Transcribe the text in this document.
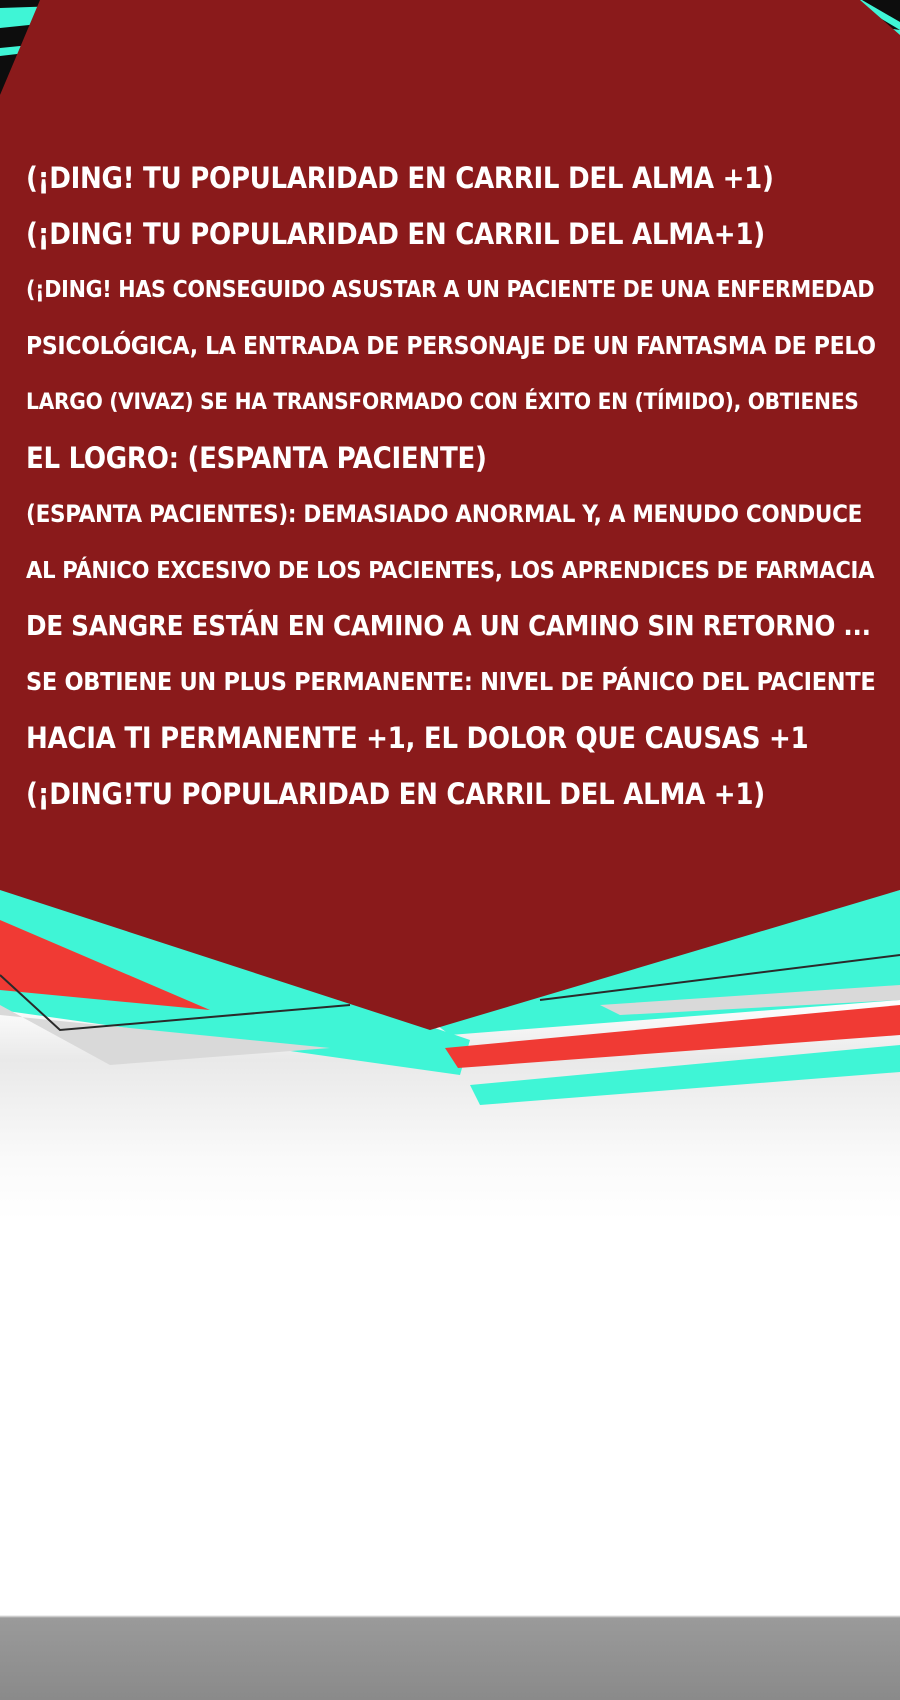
(¡DING! TU POPULARIDAD EN CARRIL DEL ALMA +1)
(¡DING! TU POPULARIDAD EN CARRIL DEL ALMA+1)
(¡DING! HAS CONSEGUIDO ASUSTAR A UN PACIENTE DE UNA ENFERMEDAD
PSICOLÓGICA, LA ENTRADA DE PERSONAJE DE UN FANTASMA DE PELO
LARGO (VIVAZ) SE HA TRANSFORMADO CON ÉXITO EN (TÍMIDO), OBTIENES
EL LOGRO: (ESPANTA PACIENTE)
(ESPANTA PACIENTES): DEMASIADO ANORMAL Y, A MENUDO CONDUCE
AL PÁNICO EXCESIVO DE LOS PACIENTES, LOS APRENDICES DE FARMACIA
DE SANGRE ESTÁN EN CAMINO A UN CAMINO SIN RETORNO ...
SE OBTIENE UN PLUS PERMANENTE: NIVEL DE PÁNICO DEL PACIENTE
HACIA TI PERMANENTE +1, EL DOLOR QUE CAUSAS +1
(¡DING!TU POPULARIDAD EN CARRIL DEL ALMA +1)
